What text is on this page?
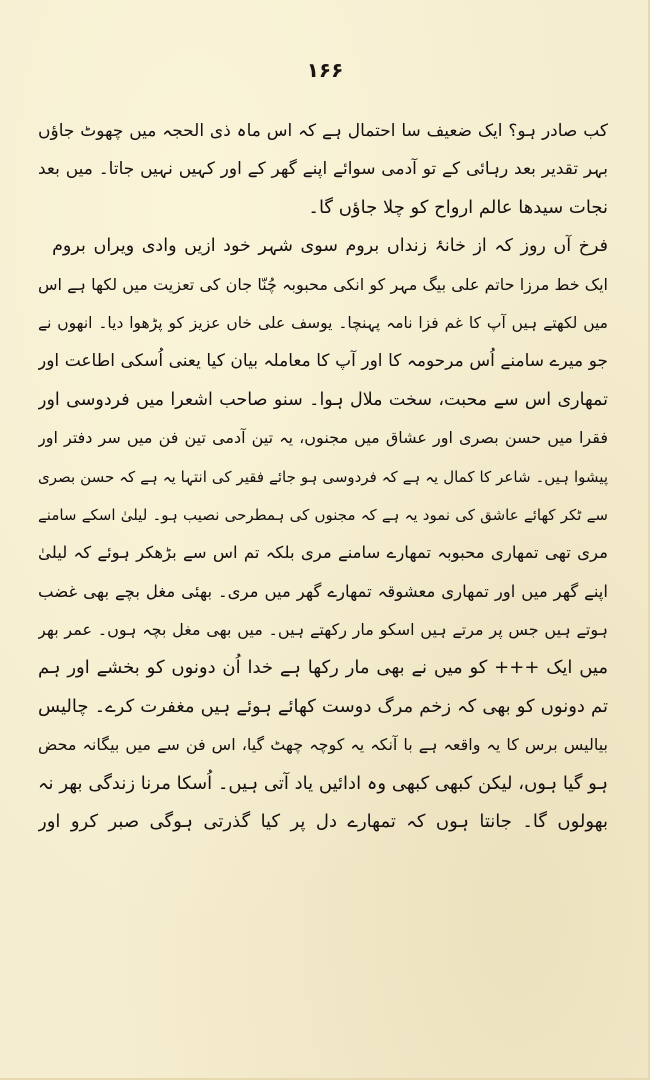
۱۶۶
کب صادر ہو؟ ایک ضعیف سا احتمال ہے کہ اس ماہ ذی الحجہ میں چھوٹ جاؤں
بہر تقدیر بعد رہائی کے تو آدمی سوائے اپنے گھر کے اور کہیں نہیں جاتا۔ میں بعد
نجات سیدھا عالم ارواح کو چلا جاؤں گا۔
فرخ آں روز کہ از خانۂ زنداں بروم سوی شہر خود ازیں وادی ویراں بروم
ایک خط مرزا حاتم علی بیگ مہر کو انکی محبوبہ چُنّا جان کی تعزیت میں لکھا ہے اس
میں لکھتے ہیں آپ کا غم فزا نامہ پہنچا۔ یوسف علی خاں عزیز کو پڑھوا دیا۔ انھوں نے
جو میرے سامنے اُس مرحومہ کا اور آپ کا معاملہ بیان کیا یعنی اُسکی اطاعت اور
تمھاری اس سے محبت، سخت ملال ہوا۔ سنو صاحب اشعرا میں فردوسی اور
فقرا میں حسن بصری اور عشاق میں مجنوں، یہ تین آدمی تین فن میں سر دفتر اور
پیشوا ہیں۔ شاعر کا کمال یہ ہے کہ فردوسی ہو جائے فقیر کی انتہا یہ ہے کہ حسن بصری
سے ٹکر کھائے عاشق کی نمود یہ ہے کہ مجنوں کی ہمطرحی نصیب ہو۔ لیلیٰ اسکے سامنے
مری تھی تمھاری محبوبہ تمھارے سامنے مری بلکہ تم اس سے بڑھکر ہوئے کہ لیلیٰ
اپنے گھر میں اور تمھاری معشوقہ تمھارے گھر میں مری۔ بھئی مغل بچے بھی غضب
ہوتے ہیں جس پر مرتے ہیں اسکو مار رکھتے ہیں۔ میں بھی مغل بچہ ہوں۔ عمر بھر
میں ایک +++ کو میں نے بھی مار رکھا ہے خدا اُن دونوں کو بخشے اور ہم
تم دونوں کو بھی کہ زخم مرگ دوست کھائے ہوئے ہیں مغفرت کرے۔ چالیس
بیالیس برس کا یہ واقعہ ہے با آنکہ یہ کوچہ چھٹ گیا، اس فن سے میں بیگانہ محض
ہو گیا ہوں، لیکن کبھی کبھی وہ ادائیں یاد آتی ہیں۔ اُسکا مرنا زندگی بھر نہ
بھولوں گا۔ جانتا ہوں کہ تمھارے دل پر کیا گذرتی ہوگی صبر کرو اور
